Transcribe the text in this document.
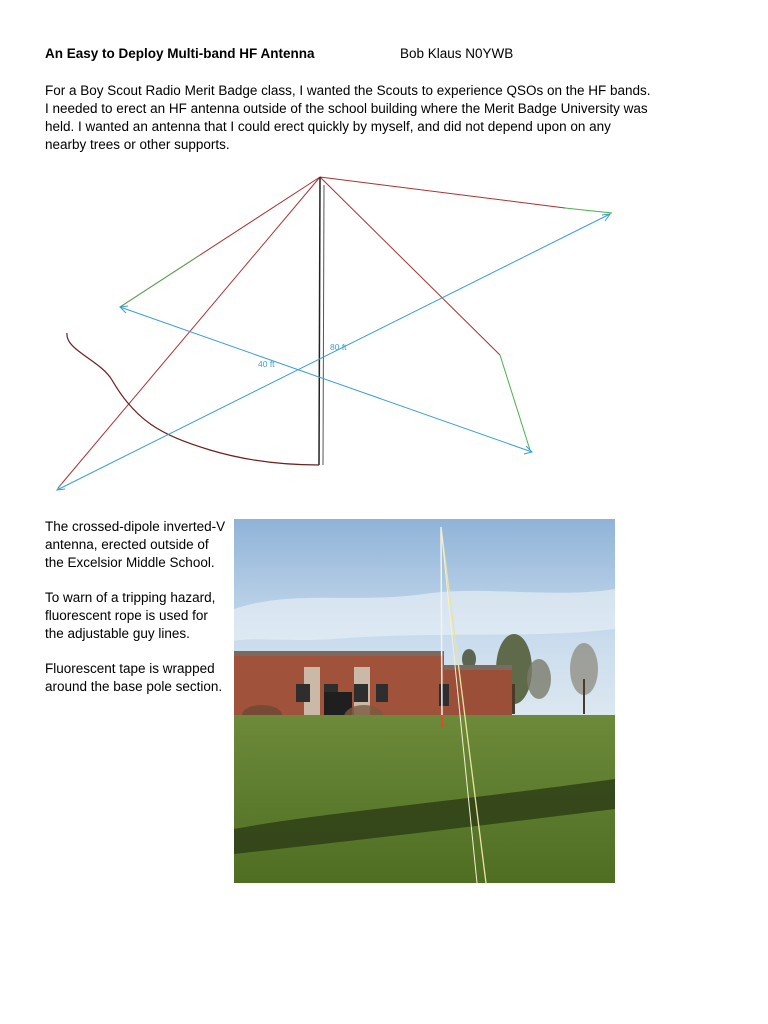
An Easy to Deploy Multi-band HF Antenna	Bob Klaus N0YWB

For a Boy Scout Radio Merit Badge class, I wanted the Scouts to experience QSOs on the HF bands.

I needed to erect an HF antenna outside of the school building where the Merit Badge University was

held. I wanted an antenna that I could erect quickly by myself, and did not depend upon on any

nearby trees or other supports.

40 ft
80 ft

The crossed-dipole inverted-V antenna, erected outside of the Excelsior Middle School.

To warn of a tripping hazard, fluorescent rope is used for the adjustable guy lines.

Fluorescent tape is wrapped around the base pole section.
